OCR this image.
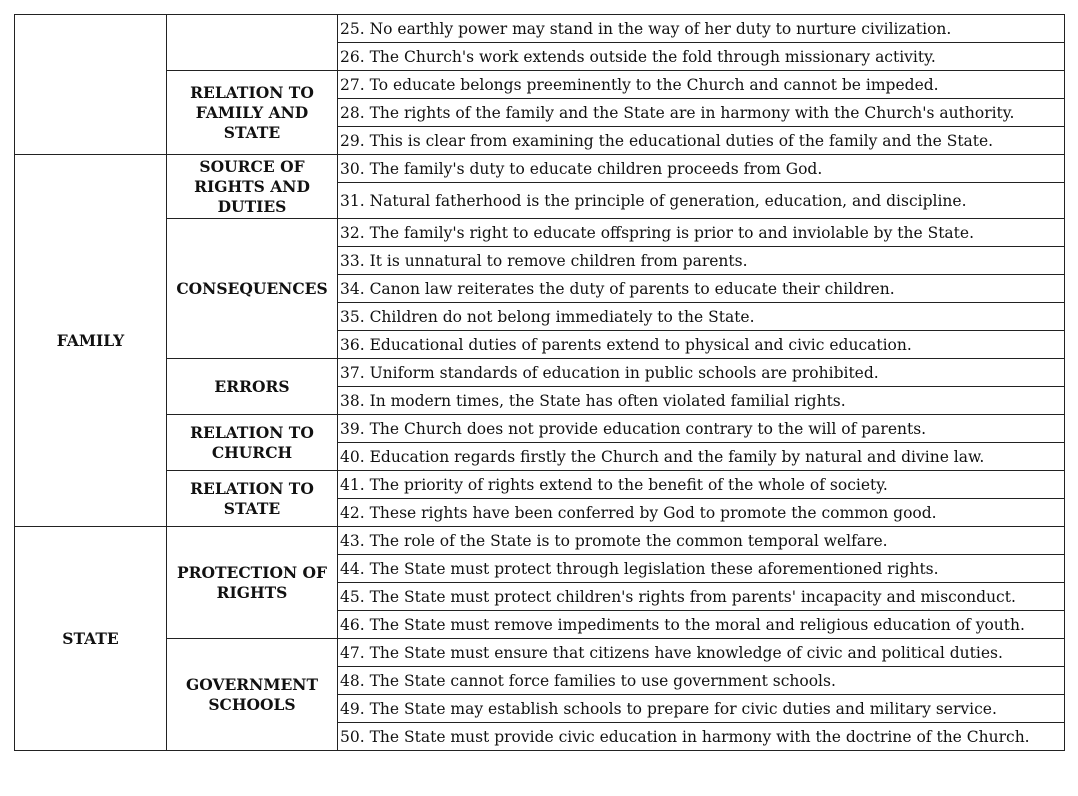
		25. No earthly power may stand in the way of her duty to nurture civilization.
		26. The Church's work extends outside the fold through missionary activity.
	RELATION TO FAMILY AND STATE	27. To educate belongs preeminently to the Church and cannot be impeded.
		28. The rights of the family and the State are in harmony with the Church's authority.
		29. This is clear from examining the educational duties of the family and the State.
FAMILY	SOURCE OF RIGHTS AND DUTIES	30. The family's duty to educate children proceeds from God.
		31. Natural fatherhood is the principle of generation, education, and discipline.
	CONSEQUENCES	32. The family's right to educate offspring is prior to and inviolable by the State.
		33. It is unnatural to remove children from parents.
		34. Canon law reiterates the duty of parents to educate their children.
		35. Children do not belong immediately to the State.
		36. Educational duties of parents extend to physical and civic education.
	ERRORS	37. Uniform standards of education in public schools are prohibited.
		38. In modern times, the State has often violated familial rights.
	RELATION TO CHURCH	39. The Church does not provide education contrary to the will of parents.
		40. Education regards firstly the Church and the family by natural and divine law.
	RELATION TO STATE	41. The priority of rights extend to the benefit of the whole of society.
		42. These rights have been conferred by God to promote the common good.
STATE	PROTECTION OF RIGHTS	43. The role of the State is to promote the common temporal welfare.
		44. The State must protect through legislation these aforementioned rights.
		45. The State must protect children's rights from parents' incapacity and misconduct.
		46. The State must remove impediments to the moral and religious education of youth.
	GOVERNMENT SCHOOLS	47. The State must ensure that citizens have knowledge of civic and political duties.
		48. The State cannot force families to use government schools.
		49. The State may establish schools to prepare for civic duties and military service.
		50. The State must provide civic education in harmony with the doctrine of the Church.
